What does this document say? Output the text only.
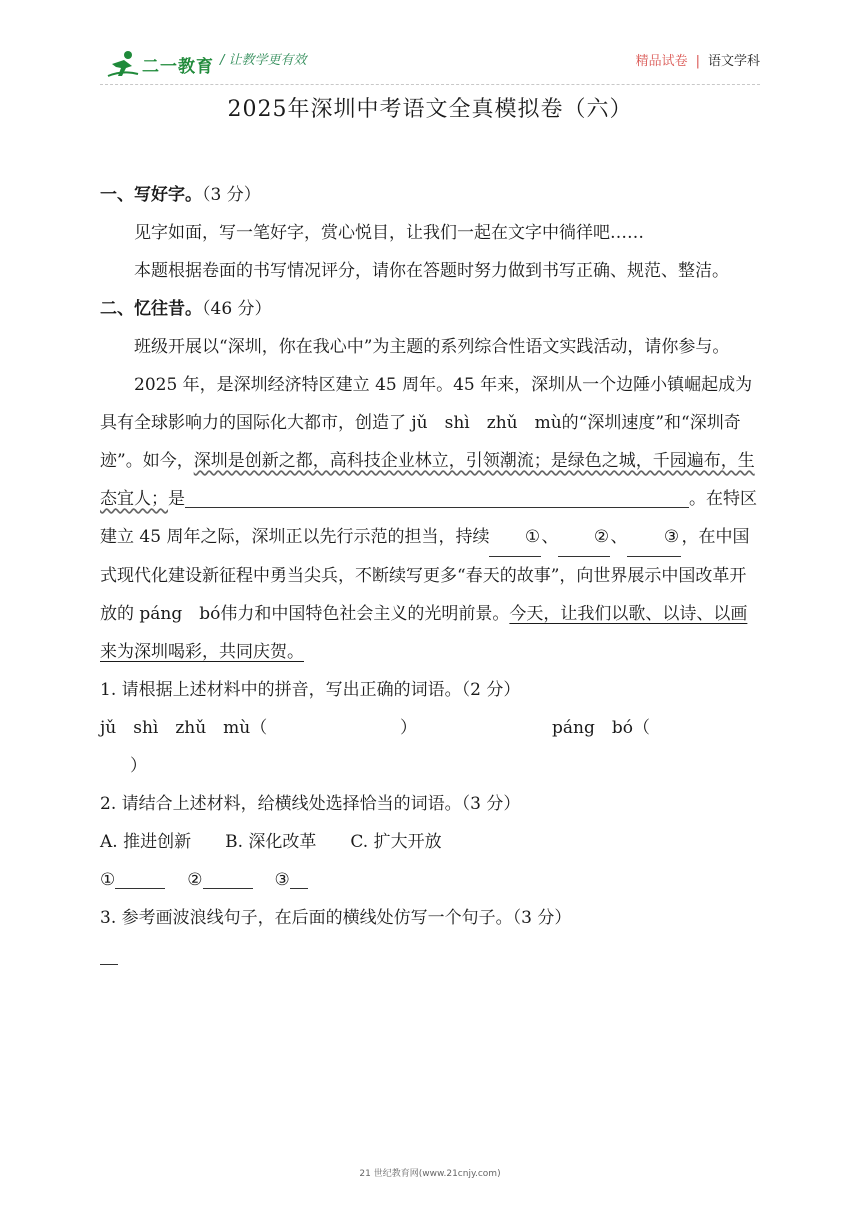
二一教育 / 让教学更有效	精品试卷 | 语文学科
2025年深圳中考语文全真模拟卷（六）

一、写好字。（3 分）

见字如面，写一笔好字，赏心悦目，让我们一起在文字中徜徉吧……

本题根据卷面的书写情况评分，请你在答题时努力做到书写正确、规范、整洁。

二、忆往昔。（46 分）

班级开展以“深圳，你在我心中”为主题的系列综合性语文实践活动，请你参与。

2025 年，是深圳经济特区建立 45 周年。45 年来，深圳从一个边陲小镇崛起成为具有全球影响力的国际化大都市，创造了 jǔ　shì　zhǔ　mù的“深圳速度”和“深圳奇迹”。如今，深圳是创新之都，高科技企业林立，引领潮流；是绿色之城，千园遍布，生态宜人；是	。在特区建立 45 周年之际，深圳正以先行示范的担当，持续 ①、 ②、 ③ ，在中国式现代化建设新征程中勇当尖兵，不断续写更多“春天的故事”，向世界展示中国改革开放的 páng　bó伟力和中国特色社会主义的光明前景。今天，让我们以歌、以诗、以画来为深圳喝彩，共同庆贺。

1. 请根据上述材料中的拼音，写出正确的词语。（2 分）

jǔ　shì　zhǔ　mù（	）	páng　bó（

）

2. 请结合上述材料，给横线处选择恰当的词语。（3 分）

A. 推进创新 B. 深化改革 C. 扩大开放

①	②	③

3. 参考画波浪线句子，在后面的横线处仿写一个句子。（3 分）

21 世纪教育网(www.21cnjy.com)
